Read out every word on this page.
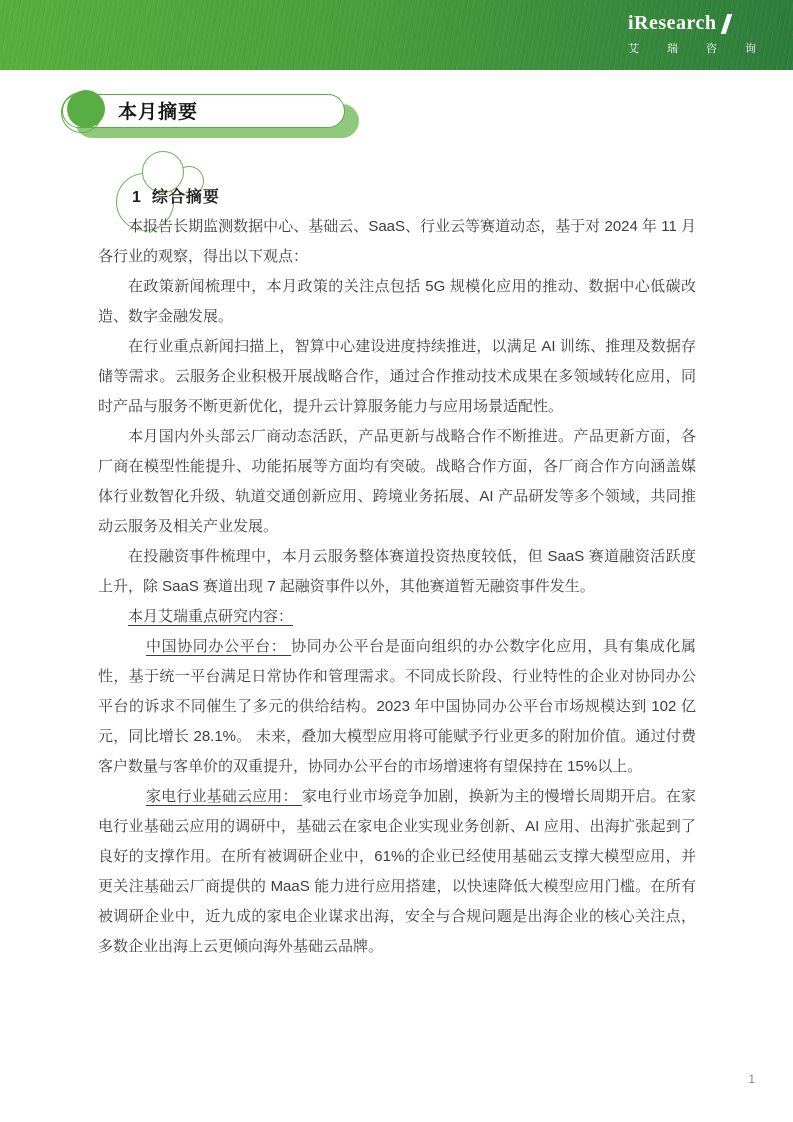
iResearch
艾	瑞	咨	询
本月摘要
1 综合摘要

本报告长期监测数据中心、基础云、SaaS、行业云等赛道动态，基于对 2024 年 11 月各行业的观察，得出以下观点：

在政策新闻梳理中，本月政策的关注点包括 5G 规模化应用的推动、数据中心低碳改造、数字金融发展。

在行业重点新闻扫描上，智算中心建设进度持续推进，以满足 AI 训练、推理及数据存储等需求。云服务企业积极开展战略合作，通过合作推动技术成果在多领域转化应用，同时产品与服务不断更新优化，提升云计算服务能力与应用场景适配性。

本月国内外头部云厂商动态活跃，产品更新与战略合作不断推进。产品更新方面，各厂商在模型性能提升、功能拓展等方面均有突破。战略合作方面，各厂商合作方向涵盖媒体行业数智化升级、轨道交通创新应用、跨境业务拓展、AI 产品研发等多个领域，共同推动云服务及相关产业发展。

在投融资事件梳理中，本月云服务整体赛道投资热度较低，但 SaaS 赛道融资活跃度上升，除 SaaS 赛道出现 7 起融资事件以外，其他赛道暂无融资事件发生。

本月艾瑞重点研究内容：

中国协同办公平台： 协同办公平台是面向组织的办公数字化应用，具有集成化属性，基于统一平台满足日常协作和管理需求。不同成长阶段、行业特性的企业对协同办公平台的诉求不同催生了多元的供给结构。2023 年中国协同办公平台市场规模达到 102 亿元，同比增长 28.1%。 未来，叠加大模型应用将可能赋予行业更多的附加价值。通过付费客户数量与客单价的双重提升，协同办公平台的市场增速将有望保持在 15%以上。

家电行业基础云应用： 家电行业市场竞争加剧，换新为主的慢增长周期开启。在家电行业基础云应用的调研中，基础云在家电企业实现业务创新、AI 应用、出海扩张起到了良好的支撑作用。在所有被调研企业中，61%的企业已经使用基础云支撑大模型应用，并更关注基础云厂商提供的 MaaS 能力进行应用搭建，以快速降低大模型应用门槛。在所有被调研企业中，近九成的家电企业谋求出海，安全与合规问题是出海企业的核心关注点，多数企业出海上云更倾向海外基础云品牌。

1
